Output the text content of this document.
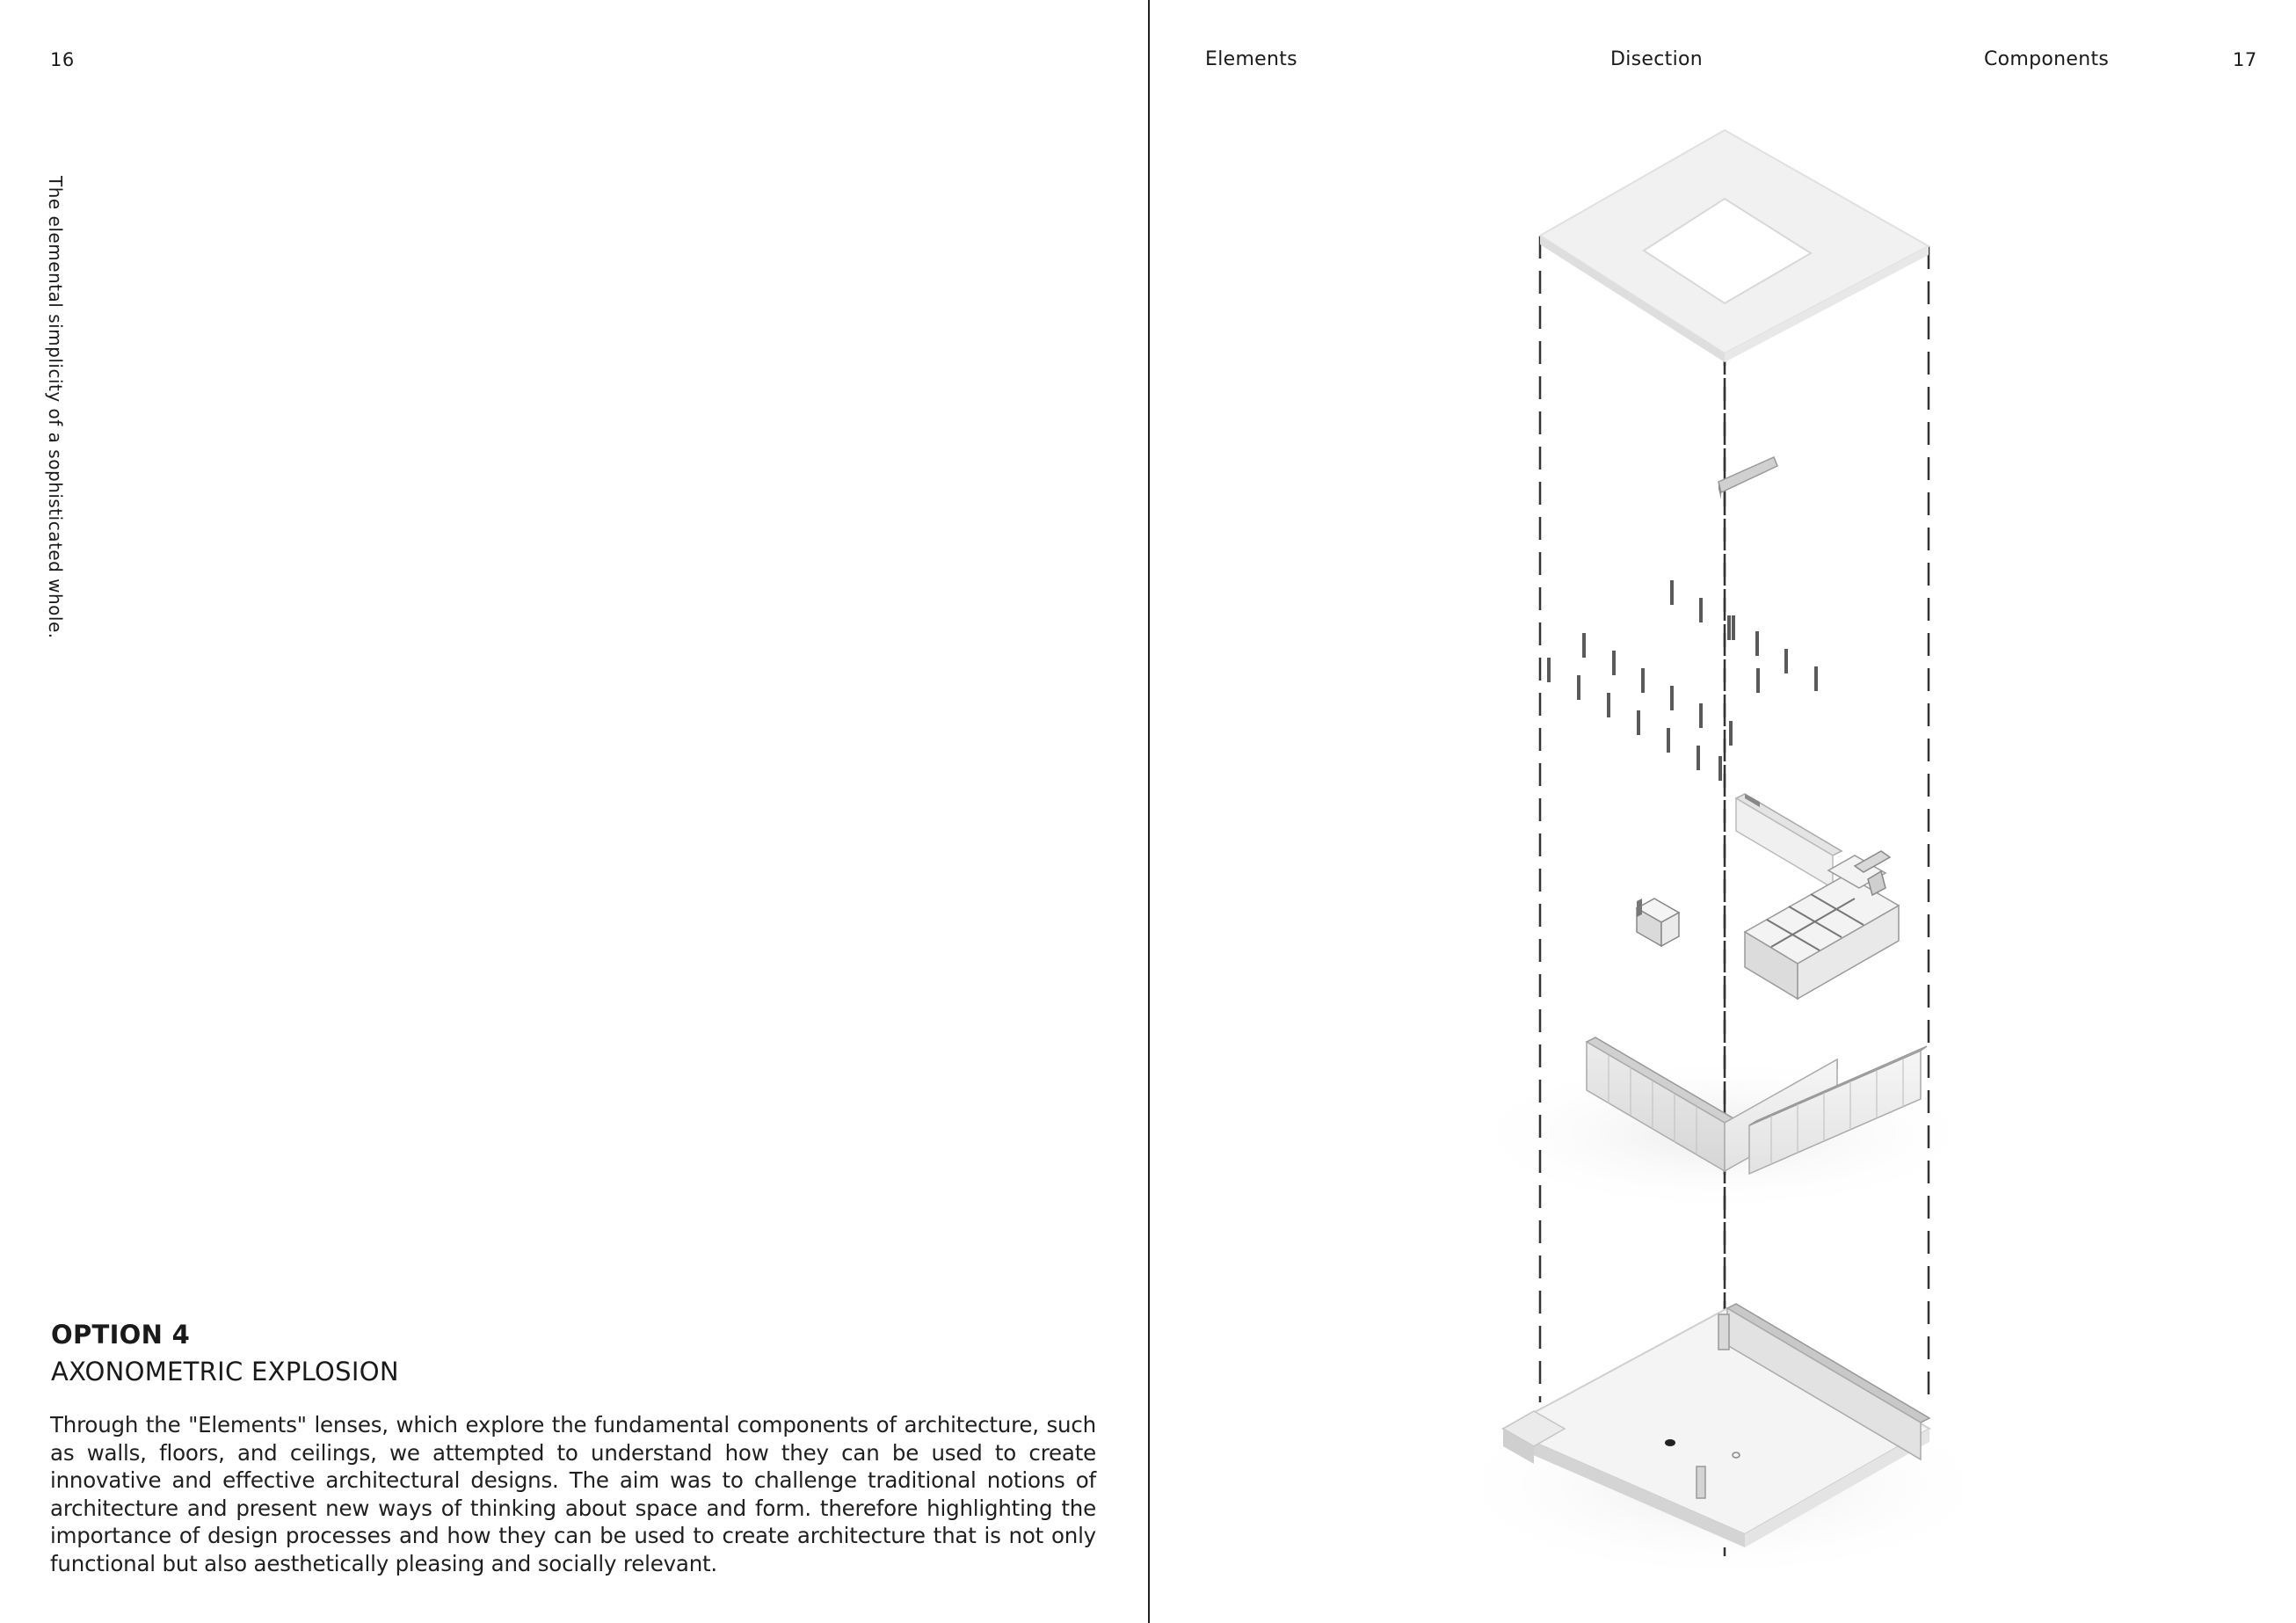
16
The elemental simplicity of a sophisticated whole.
OPTION 4
AXONOMETRIC EXPLOSION
Through the "Elements" lenses, which explore the fundamental components of architecture, such as walls, floors, and ceilings, we attempted to understand how they can be used to create innovative and effective architectural designs. The aim was to challenge traditional notions of architecture and present new ways of thinking about space and form. therefore highlighting the importance of design processes and how they can be used to create architecture that is not only functional but also aesthetically pleasing and socially relevant.
Elements	Disection	Components	17
